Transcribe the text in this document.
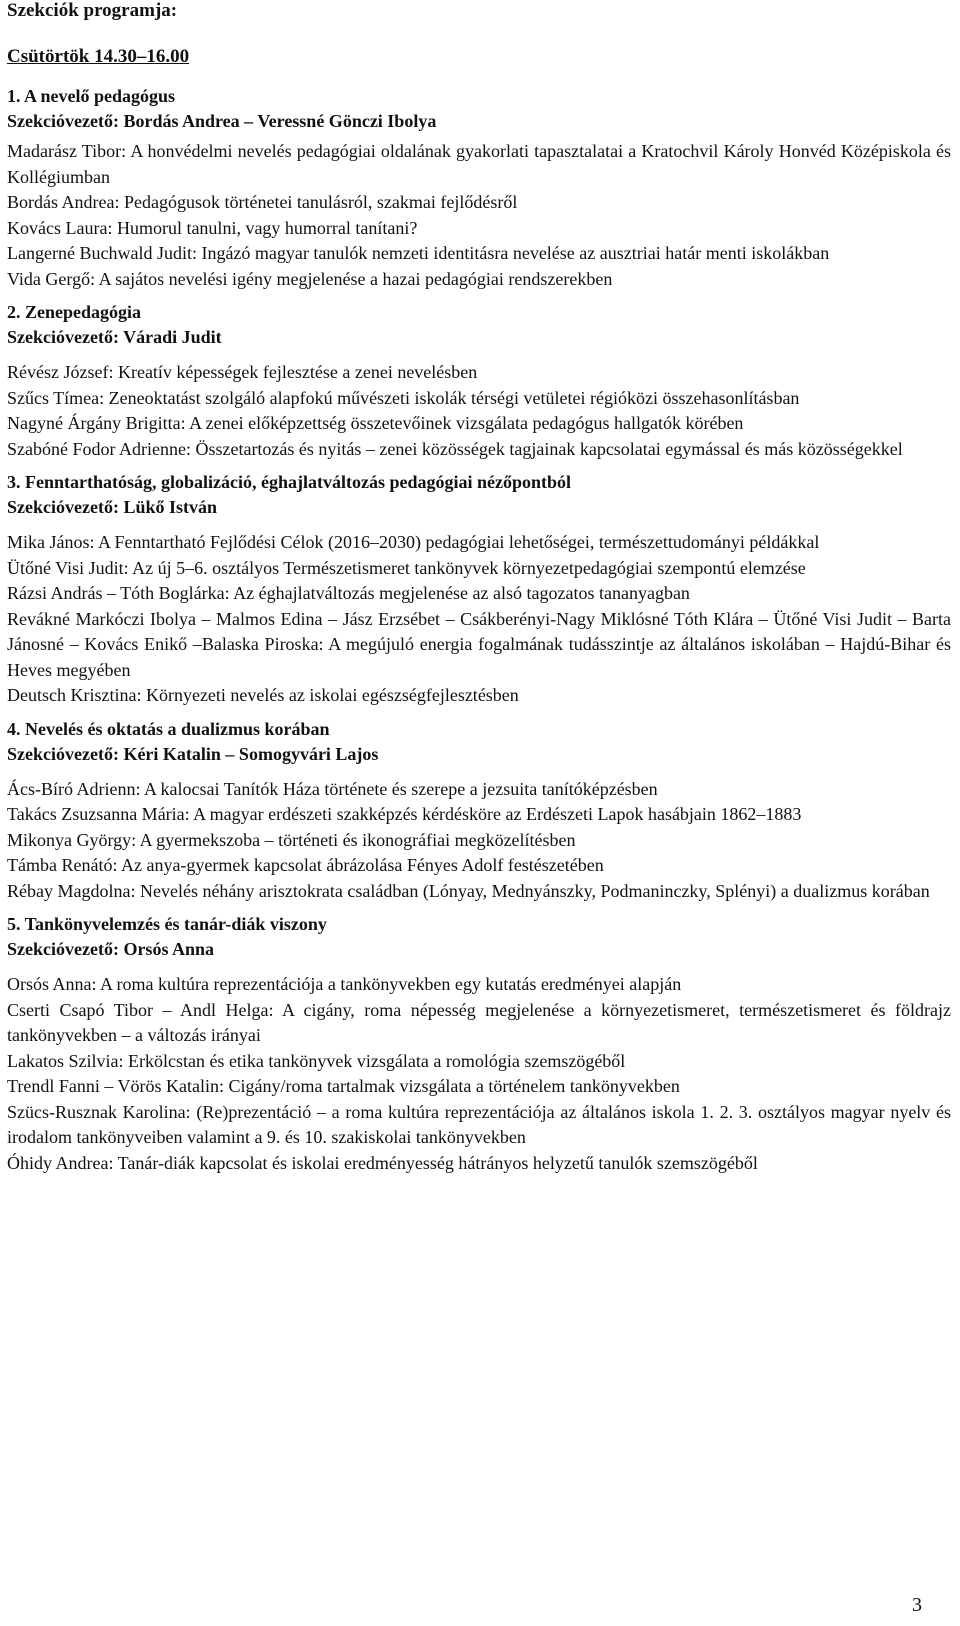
Szekciók programja:

Csütörtök 14.30–16.00

1. A nevelő pedagógus

Szekcióvezető: Bordás Andrea – Veressné Gönczi Ibolya

Madarász Tibor: A honvédelmi nevelés pedagógiai oldalának gyakorlati tapasztalatai a Kratochvil Károly Honvéd Középiskola és Kollégiumban
Bordás Andrea: Pedagógusok történetei tanulásról, szakmai fejlődésről
Kovács Laura: Humorul tanulni, vagy humorral tanítani?
Langerné Buchwald Judit: Ingázó magyar tanulók nemzeti identitásra nevelése az ausztriai határ menti iskolákban
Vida Gergő: A sajátos nevelési igény megjelenése a hazai pedagógiai rendszerekben

2. Zenepedagógia

Szekcióvezető: Váradi Judit

Révész József: Kreatív képességek fejlesztése a zenei nevelésben
Szűcs Tímea: Zeneoktatást szolgáló alapfokú művészeti iskolák térségi vetületei régióközi összehasonlításban
Nagyné Árgány Brigitta: A zenei előképzettség összetevőinek vizsgálata pedagógus hallgatók körében
Szabóné Fodor Adrienne: Összetartozás és nyitás – zenei közösségek tagjainak kapcsolatai egymással és más közösségekkel

3. Fenntarthatóság, globalizáció, éghajlatváltozás pedagógiai nézőpontból

Szekcióvezető: Lükő István

Mika János: A Fenntartható Fejlődési Célok (2016–2030) pedagógiai lehetőségei, természettudományi példákkal
Ütőné Visi Judit: Az új 5–6. osztályos Természetismeret tankönyvek környezetpedagógiai szempontú elemzése
Rázsi András – Tóth Boglárka: Az éghajlatváltozás megjelenése az alsó tagozatos tananyagban
Revákné Markóczi Ibolya – Malmos Edina – Jász Erzsébet – Csákberényi-Nagy Miklósné Tóth Klára – Ütőné Visi Judit – Barta Jánosné – Kovács Enikő –Balaska Piroska: A megújuló energia fogalmának tudásszintje az általános iskolában – Hajdú-Bihar és Heves megyében
Deutsch Krisztina: Környezeti nevelés az iskolai egészségfejlesztésben

4. Nevelés és oktatás a dualizmus korában

Szekcióvezető: Kéri Katalin – Somogyvári Lajos

Ács-Bíró Adrienn: A kalocsai Tanítók Háza története és szerepe a jezsuita tanítóképzésben
Takács Zsuzsanna Mária: A magyar erdészeti szakképzés kérdésköre az Erdészeti Lapok hasábjain 1862–1883
Mikonya György: A gyermekszoba – történeti és ikonográfiai megközelítésben
Támba Renátó: Az anya-gyermek kapcsolat ábrázolása Fényes Adolf festészetében
Rébay Magdolna: Nevelés néhány arisztokrata családban (Lónyay, Mednyánszky, Podmaninczky, Splényi) a dualizmus korában

5. Tankönyvelemzés és tanár-diák viszony

Szekcióvezető: Orsós Anna

Orsós Anna: A roma kultúra reprezentációja a tankönyvekben egy kutatás eredményei alapján
Cserti Csapó Tibor – Andl Helga: A cigány, roma népesség megjelenése a környezetismeret, természetismeret és földrajz tankönyvekben – a változás irányai
Lakatos Szilvia: Erkölcstan és etika tankönyvek vizsgálata a romológia szemszögéből
Trendl Fanni – Vörös Katalin: Cigány/roma tartalmak vizsgálata a történelem tankönyvekben
Szücs-Rusznak Karolina: (Re)prezentáció – a roma kultúra reprezentációja az általános iskola 1. 2. 3. osztályos magyar nyelv és irodalom tankönyveiben valamint a 9. és 10. szakiskolai tankönyvekben
Óhidy Andrea: Tanár-diák kapcsolat és iskolai eredményesség hátrányos helyzetű tanulók szemszögéből
3
